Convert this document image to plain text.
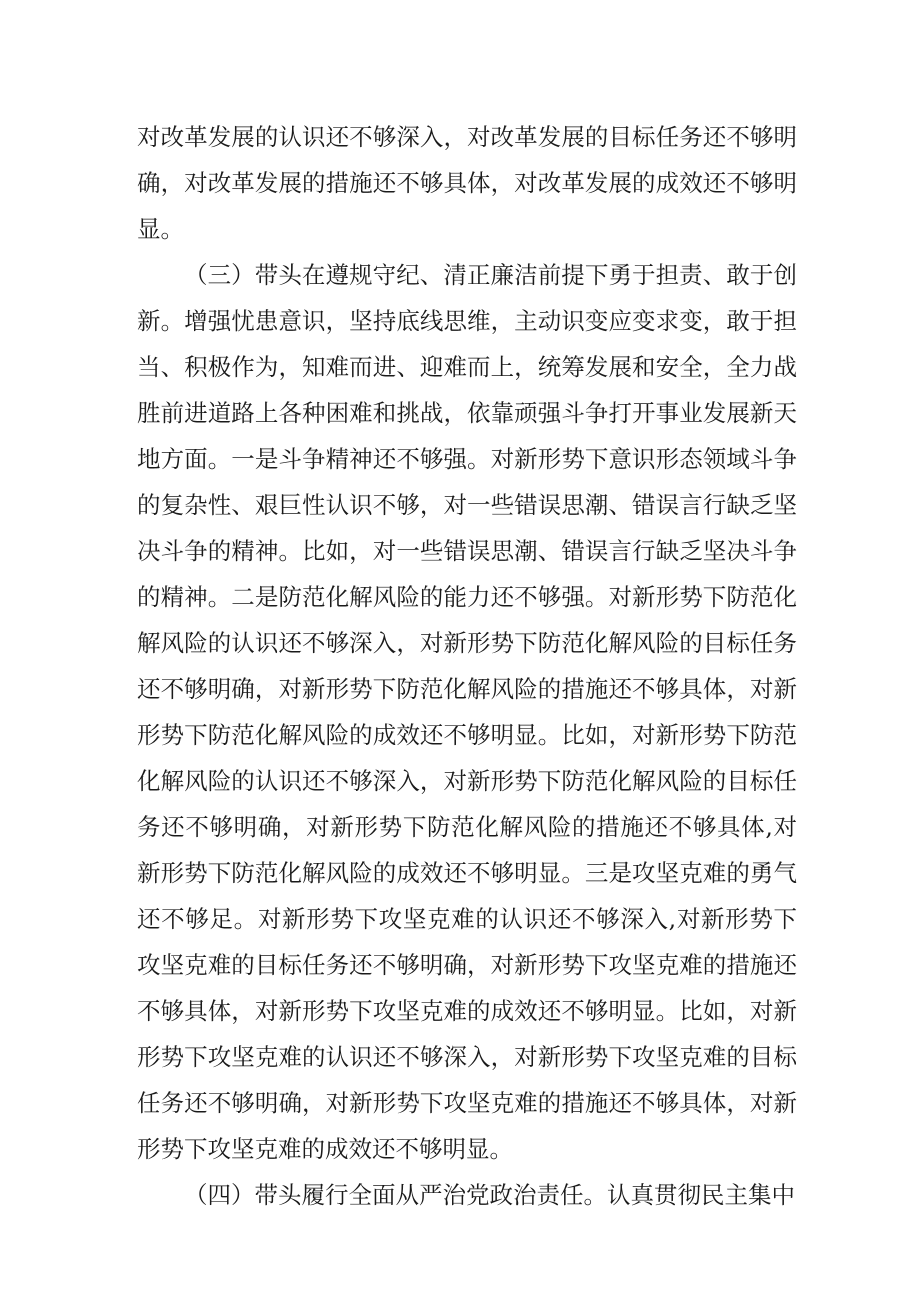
对改革发展的认识还不够深入，对改革发展的目标任务还不够明确，对改革发展的措施还不够具体，对改革发展的成效还不够明显。

（三）带头在遵规守纪、清正廉洁前提下勇于担责、敢于创新。增强忧患意识，坚持底线思维，主动识变应变求变，敢于担当、积极作为，知难而进、迎难而上，统筹发展和安全，全力战胜前进道路上各种困难和挑战，依靠顽强斗争打开事业发展新天地方面。一是斗争精神还不够强。对新形势下意识形态领域斗争的复杂性、艰巨性认识不够，对一些错误思潮、错误言行缺乏坚决斗争的精神。比如，对一些错误思潮、错误言行缺乏坚决斗争的精神。二是防范化解风险的能力还不够强。对新形势下防范化解风险的认识还不够深入，对新形势下防范化解风险的目标任务还不够明确，对新形势下防范化解风险的措施还不够具体，对新形势下防范化解风险的成效还不够明显。比如，对新形势下防范化解风险的认识还不够深入，对新形势下防范化解风险的目标任务还不够明确，对新形势下防范化解风险的措施还不够具体,对新形势下防范化解风险的成效还不够明显。三是攻坚克难的勇气还不够足。对新形势下攻坚克难的认识还不够深入,对新形势下攻坚克难的目标任务还不够明确，对新形势下攻坚克难的措施还不够具体，对新形势下攻坚克难的成效还不够明显。比如，对新形势下攻坚克难的认识还不够深入，对新形势下攻坚克难的目标任务还不够明确，对新形势下攻坚克难的措施还不够具体，对新形势下攻坚克难的成效还不够明显。

（四）带头履行全面从严治党政治责任。认真贯彻民主集中
